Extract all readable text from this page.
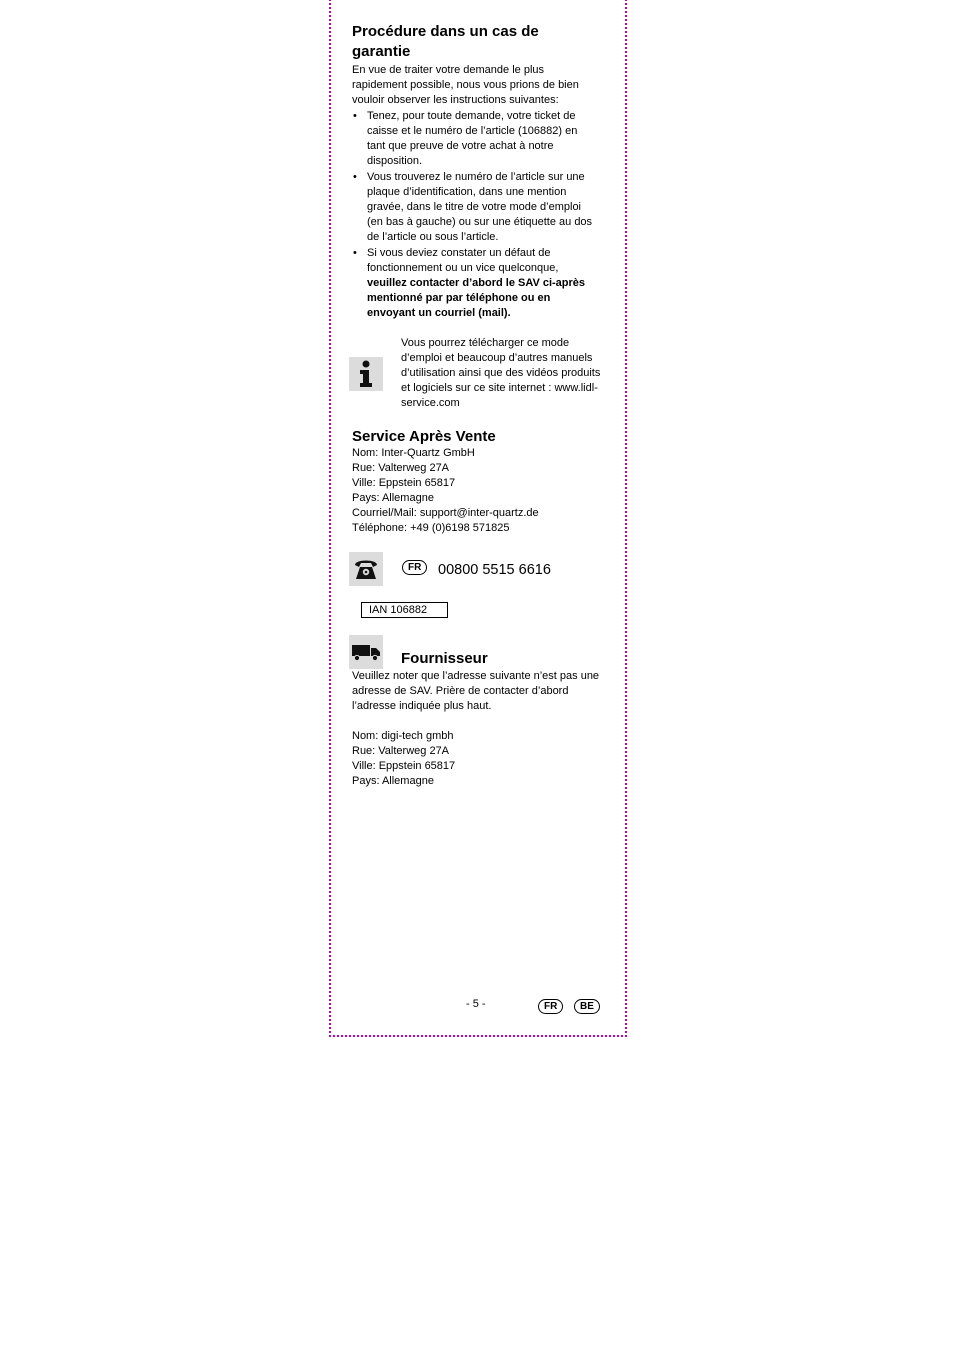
Procédure dans un cas de
garantie

En vue de traiter votre demande le plus rapidement possible, nous vous prions de bien vouloir observer les instructions suivantes:

• Tenez, pour toute demande, votre ticket de caisse et le numéro de l’article (106882) en tant que preuve de votre achat à notre disposition.
• Vous trouverez le numéro de l’article sur une plaque d’identification, dans une mention gravée, dans le titre de votre mode d’emploi (en bas à gauche) ou sur une étiquette au dos de l’article ou sous l’article.
• Si vous deviez constater un défaut de fonctionnement ou un vice quelconque, veuillez contacter d’abord le SAV ci-après mentionné par par téléphone ou en envoyant un courriel (mail).
Vous pourrez télécharger ce mode d’emploi et beaucoup d’autres manuels d’utilisation ainsi que des vidéos produits et logiciels sur ce site internet : www.lidl-service.com
Service Après Vente
Nom: Inter-Quartz GmbH
Rue: Valterweg 27A
Ville: Eppstein 65817
Pays: Allemagne
Courriel/Mail: support@inter-quartz.de
Téléphone: +49 (0)6198 571825
FR	00800 5515 6616
IAN 106882
Fournisseur

Veuillez noter que l’adresse suivante n’est pas une adresse de SAV. Prière de contacter d’abord l’adresse indiquée plus haut.

Nom: digi-tech gmbh
Rue: Valterweg 27A
Ville: Eppstein 65817
Pays: Allemagne
- 5 -	FR	BE
